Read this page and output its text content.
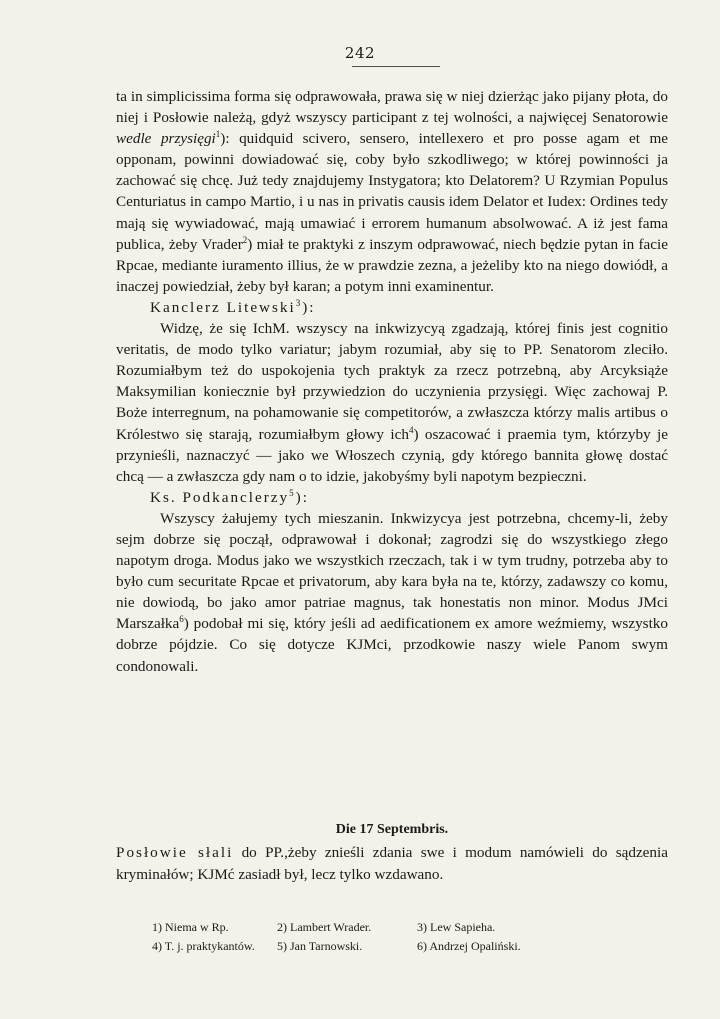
242

ta in simplicissima forma się odprawowała, prawa się w niej dzierżąc jako pijany płota, do niej i Posłowie należą, gdyż wszyscy participant z tej wolności, a najwięcej Senatorowie wedle przysięgi$^1$): quidquid scivero, sensero, intellexero et pro posse agam et me opponam, powinni dowiadować się, coby było szkodliwego; w której powinności ja zachować się chcę. Już tedy znajdujemy Instygatora; kto Delatorem? U Rzymian Populus Centuriatus in campo Martio, i u nas in privatis causis idem Delator et Iudex: Ordines tedy mają się wywiadować, mają umawiać i errorem humanum absolwować. A iż jest fama publica, żeby Vrader$^2$) miał te praktyki z inszym odprawować, niech będzie pytan in facie Rpcae, mediante iuramento illius, że w prawdzie zezna, a jeżeliby kto na niego dowiódł, a inaczej powiedział, żeby był karan; a potym inni examinentur.

Kanclerz Litewski$^3$):

Widzę, że się IchM. wszyscy na inkwizycyą zgadzają, której finis jest cognitio veritatis, de modo tylko variatur; jabym rozumiał, aby się to PP. Senatorom zleciło. Rozumiałbym też do uspokojenia tych praktyk za rzecz potrzebną, aby Arcyksiąże Maksymilian koniecznie był przywiedzion do uczynienia przysięgi. Więc zachowaj P. Boże interregnum, na pohamowanie się competitorów, a zwłaszcza którzy malis artibus o Królestwo się starają, rozumiałbym głowy ich$^4$) oszacować i praemia tym, którzyby je przynieśli, naznaczyć — jako we Włoszech czynią, gdy którego bannita głowę dostać chcą — a zwłaszcza gdy nam o to idzie, jakobyśmy byli napotym bezpieczni.

Ks. Podkanclerzy$^5$):

Wszyscy żałujemy tych mieszanin. Inkwizycya jest potrzebna, chcemy-li, żeby sejm dobrze się począł, odprawował i dokonał; zagrodzi się do wszystkiego złego napotym droga. Modus jako we wszystkich rzeczach, tak i w tym trudny, potrzeba aby to było cum securitate Rpcae et privatorum, aby kara była na te, którzy, zadawszy co komu, nie dowiodą, bo jako amor patriae magnus, tak honestatis non minor. Modus JMci Marszałka$^6$) podobał mi się, który jeśli ad aedificationem ex amore weźmiemy, wszystko dobrze pójdzie. Co się dotycze KJMci, przodkowie naszy wiele Panom swym condonowali.

Die 17 Septembris.
Posłowie słali do PP.,żeby znieśli zdania swe i modum namówieli do sądzenia kryminałów; KJMć zasiadł był, lecz tylko wzdawano.
1) Niema w Rp.	2) Lambert Wrader.	3) Lew Sapieha.
4) T. j. praktykantów.	5) Jan Tarnowski.	6) Andrzej Opaliński.
